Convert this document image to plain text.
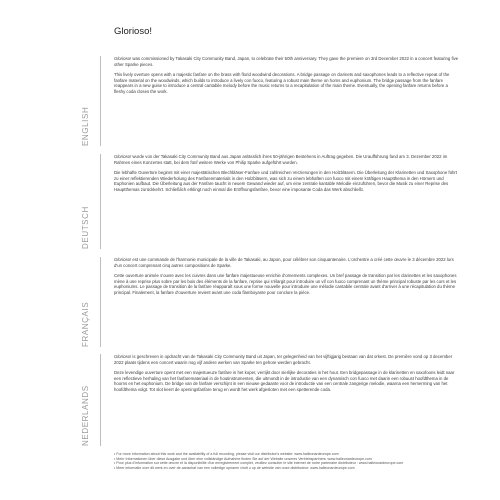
Glorioso!
ENGLISH

Glorioso! was commissioned by Takasaki City Community Band, Japan, to celebrate their 50th anniversary. They gave the premiere on 3rd December 2022 in a concert featuring five other Sparke pieces.

This lively overture opens with a majestic fanfare on the brass with florid woodwind decorations. A bridge passage on clarinets and saxophones leads to a reflective repeat of the fanfare material on the woodwinds, which builds to introduce a lively con fuoco, featuring a robust main theme on horns and euphonium. The bridge passage from the fanfare reappears in a new guise to introduce a central cantabile melody before the music returns to a recapitulation of the main theme. Eventually, the opening fanfare returns before a fleshy coda closes the work.

DEUTSCH

Glorioso! wurde von der Takasaki City Community Band aus Japan anlässlich ihres 50-jährigen Bestehens in Auftrag gegeben. Die Uraufführung fand am 3. Dezember 2022 im Rahmen eines Konzertes statt, bei dem fünf weitere Werke von Philip Sparke aufgeführt wurden.

Die lebhafte Ouvertüre beginnt mit einer majestätischen Blechbläser-Fanfare und zahlreichen Verzierungen in den Holzbläsern. Die Überleitung der Klarinetten und Saxophone führt zu einer reflektierenden Wiederholung des Fanfarenmaterials in den Holzbläsern, was sich zu einem lebhaften con fuoco mit einem kräftigen Hauptthema in den Hörnern und Euphonien aufbaut. Die Überleitung aus der Fanfare taucht in neuem Gewand wieder auf, um eine zentrale kantable Melodie einzuführen, bevor die Musik zu einer Reprise des Hauptthemas zurückkehrt. Schließlich erklingt noch einmal die Eröffnungsfanfare, bevor eine imposante Coda das Werk abschließt.

FRANÇAIS

Glorioso! est une commande de l'harmonie municipale de la ville de Takasaki, au Japon, pour célébrer son cinquantenaire. L'orchestre a créé cette œuvre le 3 décembre 2022 lors d'un concert comprenant cinq autres compositions de Sparke.

Cette ouverture animée s'ouvre avec les cuivres dans une fanfare majestueuse enrichie d'ornements complexes. Un bref passage de transition par les clarinettes et les saxophones mène à une reprise plus sobre par les bois des éléments de la fanfare, reprise qui s'élargit pour introduire un vif con fuoco comprenant un thème principal robuste par les cors et les euphoniums. Le passage de transition de la fanfare réapparaît sous une forme nouvelle pour introduire une mélodie cantabile centrale avant d'arriver à une récapitulation du thème principal. Finalement, la fanfare d'ouverture revient avant une coda flamboyante pour conclure la pièce.

NEDERLANDS

Glorioso! is geschreven in opdracht van de Takasaki City Community Band uit Japan, ter gelegenheid van het vijftigjarig bestaan van dat orkest. De première vond op 3 december 2022 plaats tijdens een concert waarin nog vijf andere werken van Sparke ten gehore werden gebracht.

Deze levendige ouverture opent met een majestueuze fanfare in het koper, verrijkt door sierlijke decoraties in het hout. Een bridgepassage in de klarinetten en saxofoons leidt naar een reflectieve herhaling van het fanfaremateriaal in de houtinstrumenten, die uitmondt in de introductie van een dynamisch con fuoco met daarin een robuust hoofdthema in de hoorns en het euphonium. De bridge van de fanfare verschijnt in een nieuwe gedaante voor de introductie van een centrale zangerige melodie, waarna een hernerming van het hoofdthema volgt. Tot slot keert de openingsfanfare terug en wordt het werk afgesloten met een spetterende coda.

• For more information about this work and the availability of a full recording, please visit our distributor's website: www.halleonardeurope.com
• Mehr Informationen über diese Ausgabe und über eine vollständige Aufnahme finden Sie auf der Website unseres Vertriebspartners: www.halleonardeurope.com
• Pour plus d'information sur cette œuvre et la disponibilité d'un enregistrement complet, veuillez consulter le site internet de notre partenaire distributeur : www.halleonardeurope.com
• Meer informatie over dit werk en over de aanschaf van een volledige opname vindt u op de website van onze distributeur: www.halleonardeurope.com
